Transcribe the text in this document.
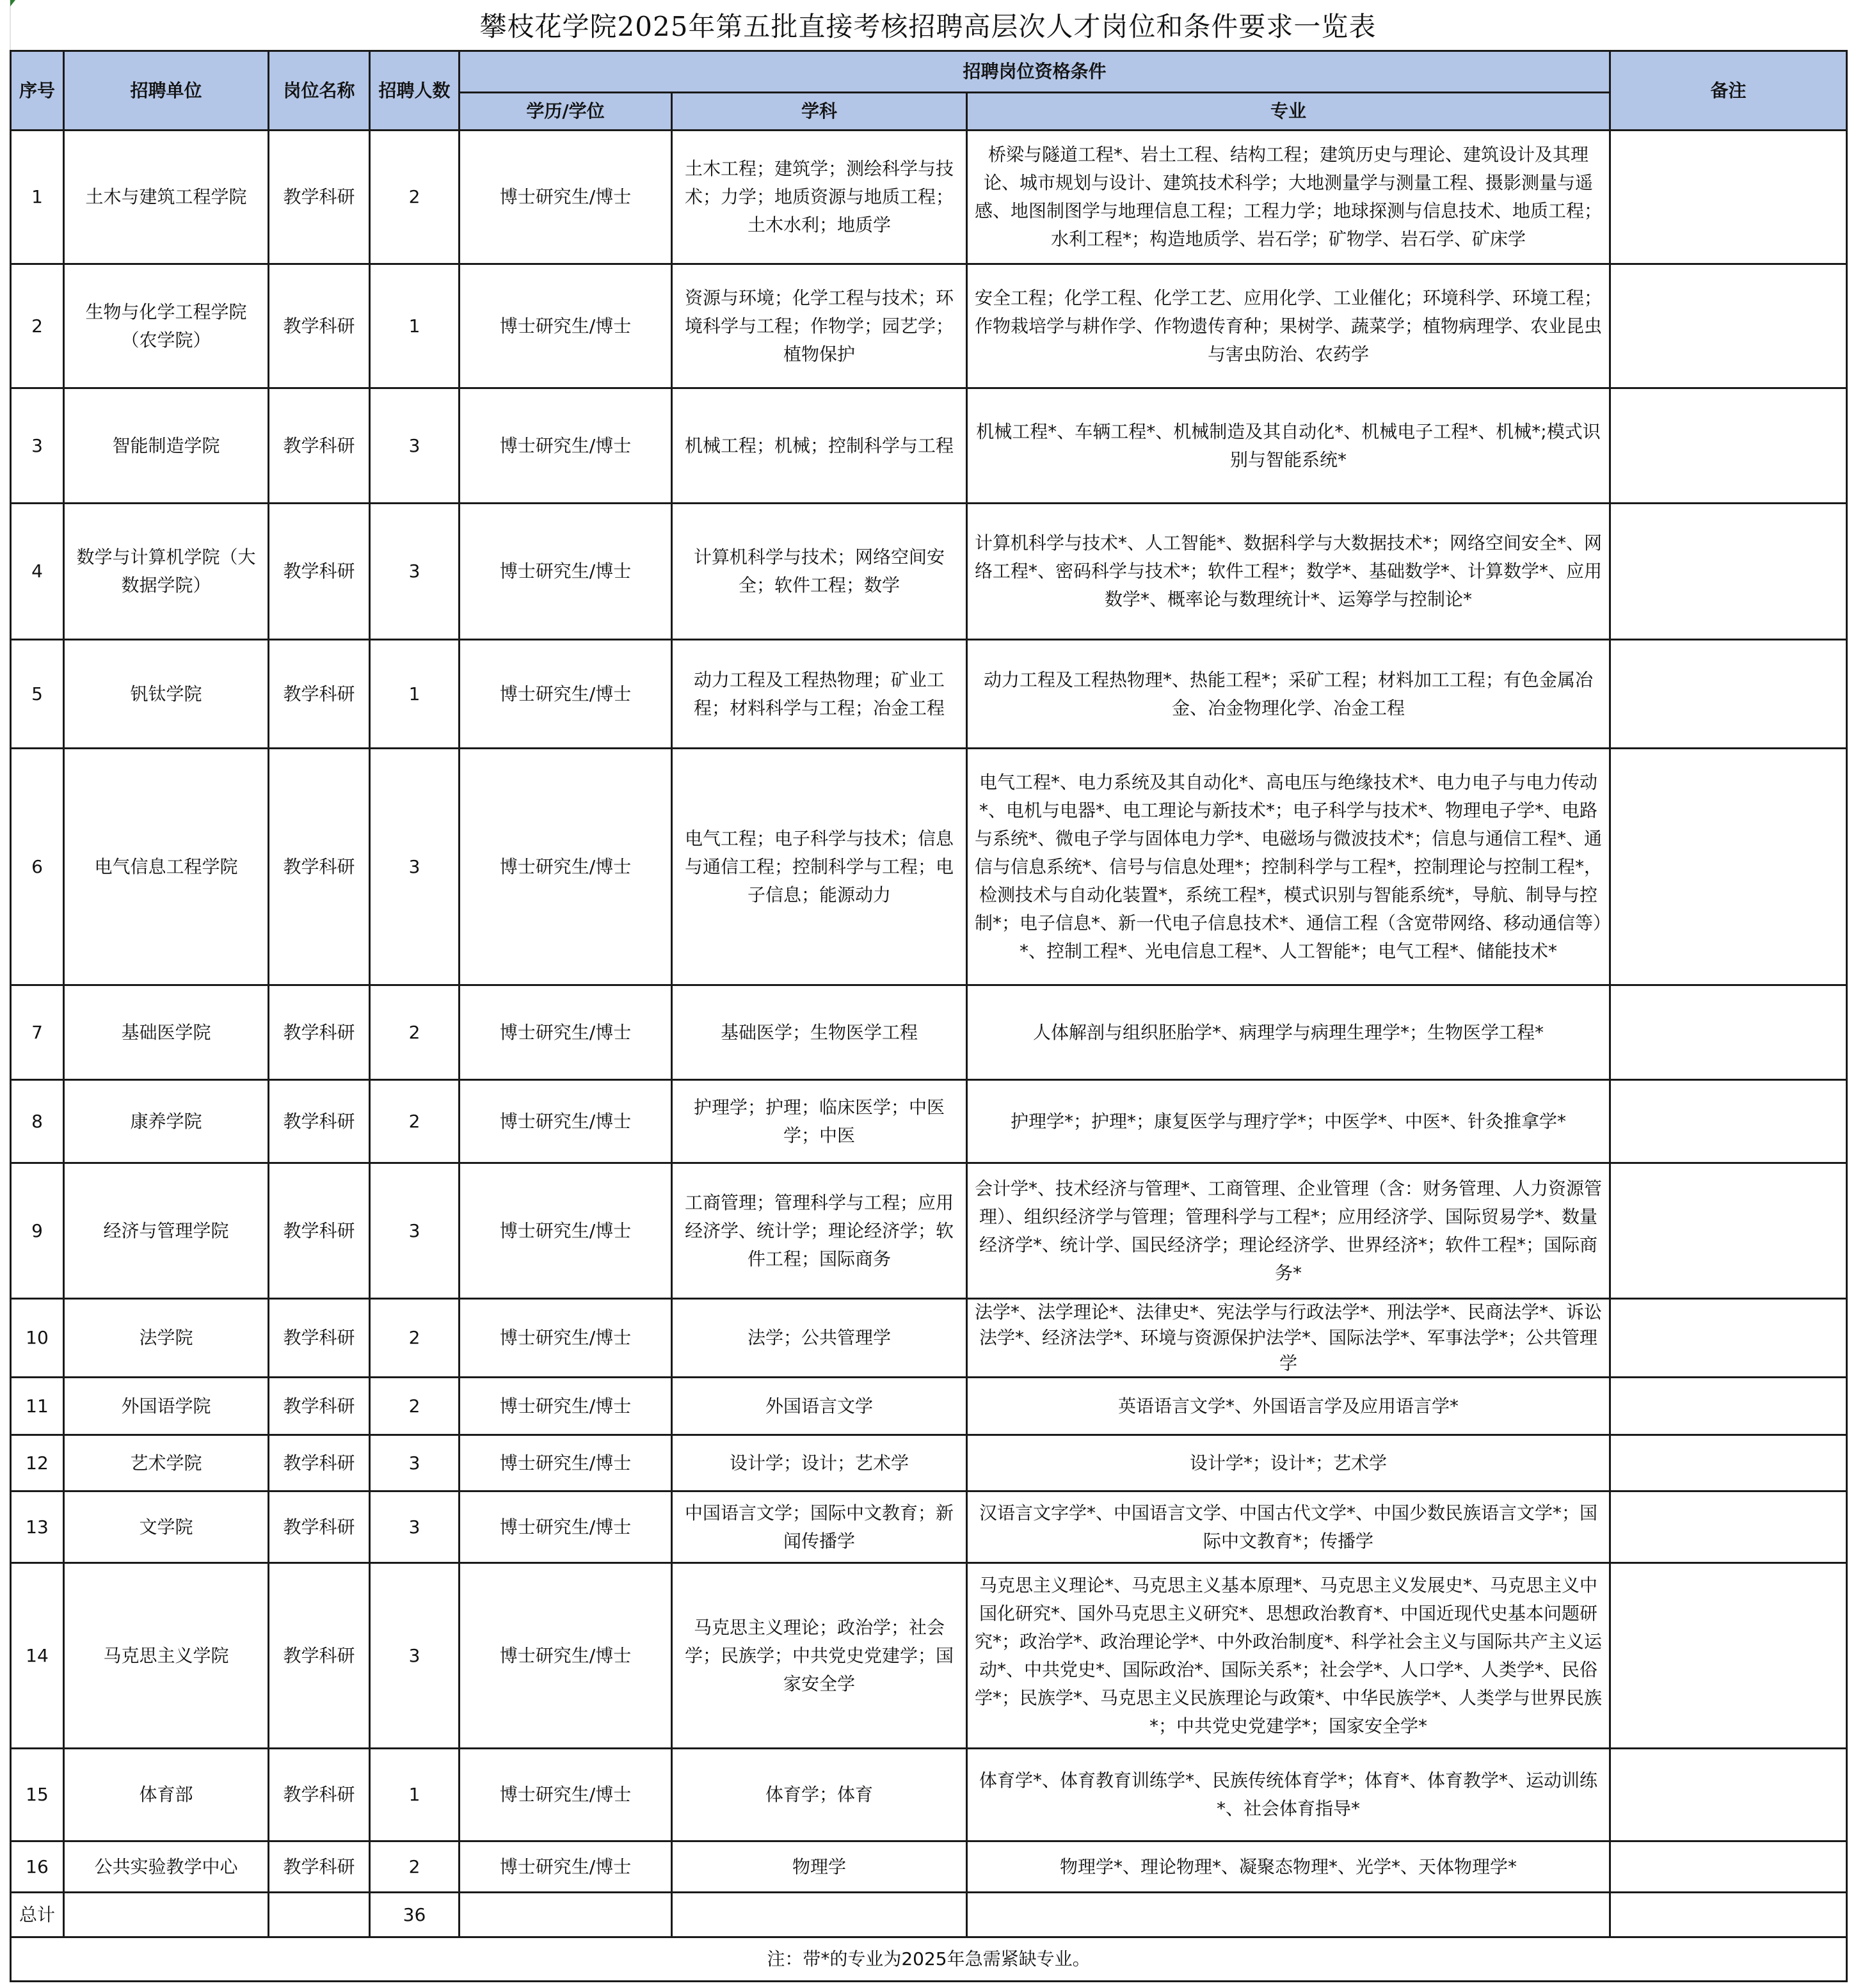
攀枝花学院2025年第五批直接考核招聘高层次人才岗位和条件要求一览表
序号	招聘单位	岗位名称	招聘人数	招聘岗位资格条件			备注
				学历/学位	学科	专业	
1	土木与建筑工程学院	教学科研	2	博士研究生/博士	土木工程；建筑学；测绘科学与技术；力学；地质资源与地质工程；土木水利；地质学	桥梁与隧道工程*、岩土工程、结构工程；建筑历史与理论、建筑设计及其理论、城市规划与设计、建筑技术科学；大地测量学与测量工程、摄影测量与遥感、地图制图学与地理信息工程；工程力学；地球探测与信息技术、地质工程；水利工程*；构造地质学、岩石学；矿物学、岩石学、矿床学	
2	生物与化学工程学院（农学院）	教学科研	1	博士研究生/博士	资源与环境；化学工程与技术；环境科学与工程；作物学；园艺学；植物保护	安全工程；化学工程、化学工艺、应用化学、工业催化；环境科学、环境工程；作物栽培学与耕作学、作物遗传育种；果树学、蔬菜学；植物病理学、农业昆虫与害虫防治、农药学	
3	智能制造学院	教学科研	3	博士研究生/博士	机械工程；机械；控制科学与工程	机械工程*、车辆工程*、机械制造及其自动化*、机械电子工程*、机械*;模式识别与智能系统*	
4	数学与计算机学院（大数据学院）	教学科研	3	博士研究生/博士	计算机科学与技术；网络空间安全；软件工程；数学	计算机科学与技术*、人工智能*、数据科学与大数据技术*；网络空间安全*、网络工程*、密码科学与技术*；软件工程*；数学*、基础数学*、计算数学*、应用数学*、概率论与数理统计*、运筹学与控制论*	
5	钒钛学院	教学科研	1	博士研究生/博士	动力工程及工程热物理；矿业工程；材料科学与工程；冶金工程	动力工程及工程热物理*、热能工程*；采矿工程；材料加工工程；有色金属冶金、冶金物理化学、冶金工程	
6	电气信息工程学院	教学科研	3	博士研究生/博士	电气工程；电子科学与技术；信息与通信工程；控制科学与工程；电子信息；能源动力	电气工程*、电力系统及其自动化*、高电压与绝缘技术*、电力电子与电力传动*、电机与电器*、电工理论与新技术*；电子科学与技术*、物理电子学*、电路与系统*、微电子学与固体电力学*、电磁场与微波技术*；信息与通信工程*、通信与信息系统*、信号与信息处理*；控制科学与工程*，控制理论与控制工程*，检测技术与自动化装置*，系统工程*，模式识别与智能系统*，导航、制导与控制*；电子信息*、新一代电子信息技术*、通信工程（含宽带网络、移动通信等）*、控制工程*、光电信息工程*、人工智能*；电气工程*、储能技术*	
7	基础医学院	教学科研	2	博士研究生/博士	基础医学；生物医学工程	人体解剖与组织胚胎学*、病理学与病理生理学*；生物医学工程*	
8	康养学院	教学科研	2	博士研究生/博士	护理学；护理；临床医学；中医学；中医	护理学*；护理*；康复医学与理疗学*；中医学*、中医*、针灸推拿学*	
9	经济与管理学院	教学科研	3	博士研究生/博士	工商管理；管理科学与工程；应用经济学、统计学；理论经济学；软件工程；国际商务	会计学*、技术经济与管理*、工商管理、企业管理（含：财务管理、人力资源管理）、组织经济学与管理；管理科学与工程*；应用经济学、国际贸易学*、数量经济学*、统计学、国民经济学；理论经济学、世界经济*；软件工程*；国际商务*	
10	法学院	教学科研	2	博士研究生/博士	法学；公共管理学	法学*、法学理论*、法律史*、宪法学与行政法学*、刑法学*、民商法学*、诉讼法学*、经济法学*、环境与资源保护法学*、国际法学*、军事法学*；公共管理学	
11	外国语学院	教学科研	2	博士研究生/博士	外国语言文学	英语语言文学*、外国语言学及应用语言学*	
12	艺术学院	教学科研	3	博士研究生/博士	设计学；设计；艺术学	设计学*；设计*；艺术学	
13	文学院	教学科研	3	博士研究生/博士	中国语言文学；国际中文教育；新闻传播学	汉语言文字学*、中国语言文学、中国古代文学*、中国少数民族语言文学*；国际中文教育*；传播学	
14	马克思主义学院	教学科研	3	博士研究生/博士	马克思主义理论；政治学；社会学；民族学；中共党史党建学；国家安全学	马克思主义理论*、马克思主义基本原理*、马克思主义发展史*、马克思主义中国化研究*、国外马克思主义研究*、思想政治教育*、中国近现代史基本问题研究*；政治学*、政治理论学*、中外政治制度*、科学社会主义与国际共产主义运动*、中共党史*、国际政治*、国际关系*；社会学*、人口学*、人类学*、民俗学*；民族学*、马克思主义民族理论与政策*、中华民族学*、人类学与世界民族*；中共党史党建学*；国家安全学*	
15	体育部	教学科研	1	博士研究生/博士	体育学；体育	体育学*、体育教育训练学*、民族传统体育学*；体育*、体育教学*、运动训练*、社会体育指导*	
16	公共实验教学中心	教学科研	2	博士研究生/博士	物理学	物理学*、理论物理*、凝聚态物理*、光学*、天体物理学*	
总计			36				
注：带*的专业为2025年急需紧缺专业。							
